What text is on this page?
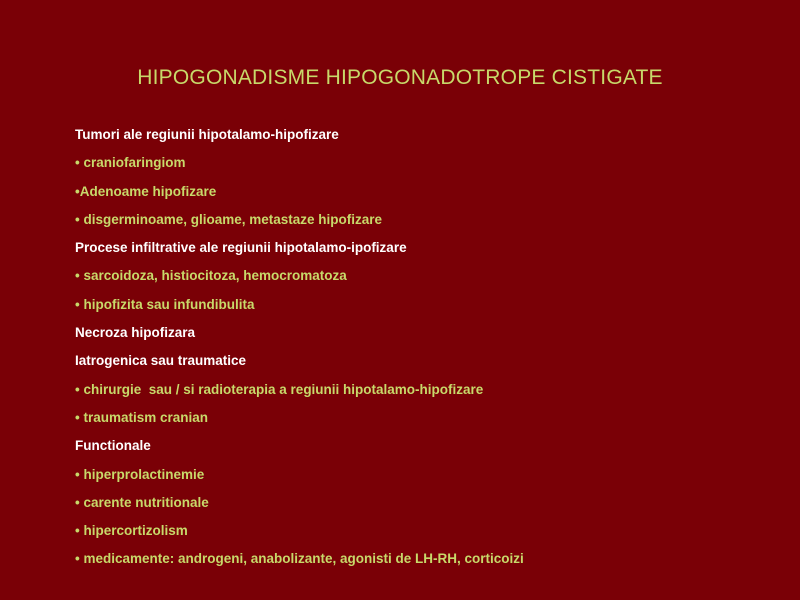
HIPOGONADISME HIPOGONADOTROPE CISTIGATE
Tumori ale regiunii hipotalamo-hipofizare
• craniofaringiom
•Adenoame hipofizare
• disgerminoame, glioame, metastaze hipofizare
Procese infiltrative ale regiunii hipotalamo-ipofizare
• sarcoidoza, histiocitoza, hemocromatoza
• hipofizita sau infundibulita
Necroza hipofizara
Iatrogenica sau traumatice
• chirurgie  sau / si radioterapia a regiunii hipotalamo-hipofizare
• traumatism cranian
Functionale
• hiperprolactinemie
• carente nutritionale
• hipercortizolism
• medicamente: androgeni, anabolizante, agonisti de LH-RH, corticoizi
